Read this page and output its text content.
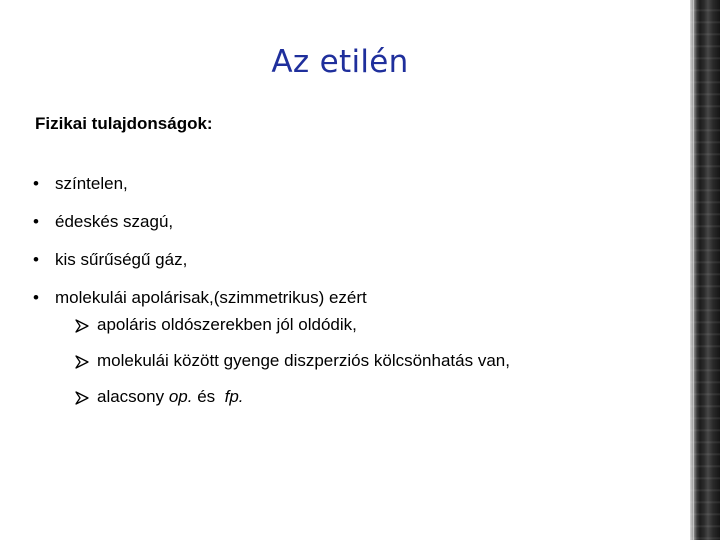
Az etilén
Fizikai tulajdonságok:
• színtelen,
• édeskés szagú,
• kis sűrűségű gáz,
• molekulái apolárisak,(szimmetrikus) ezért
apoláris oldószerekben jól oldódik,
molekulái között gyenge diszperziós kölcsönhatás van,
alacsony op. és  fp.
